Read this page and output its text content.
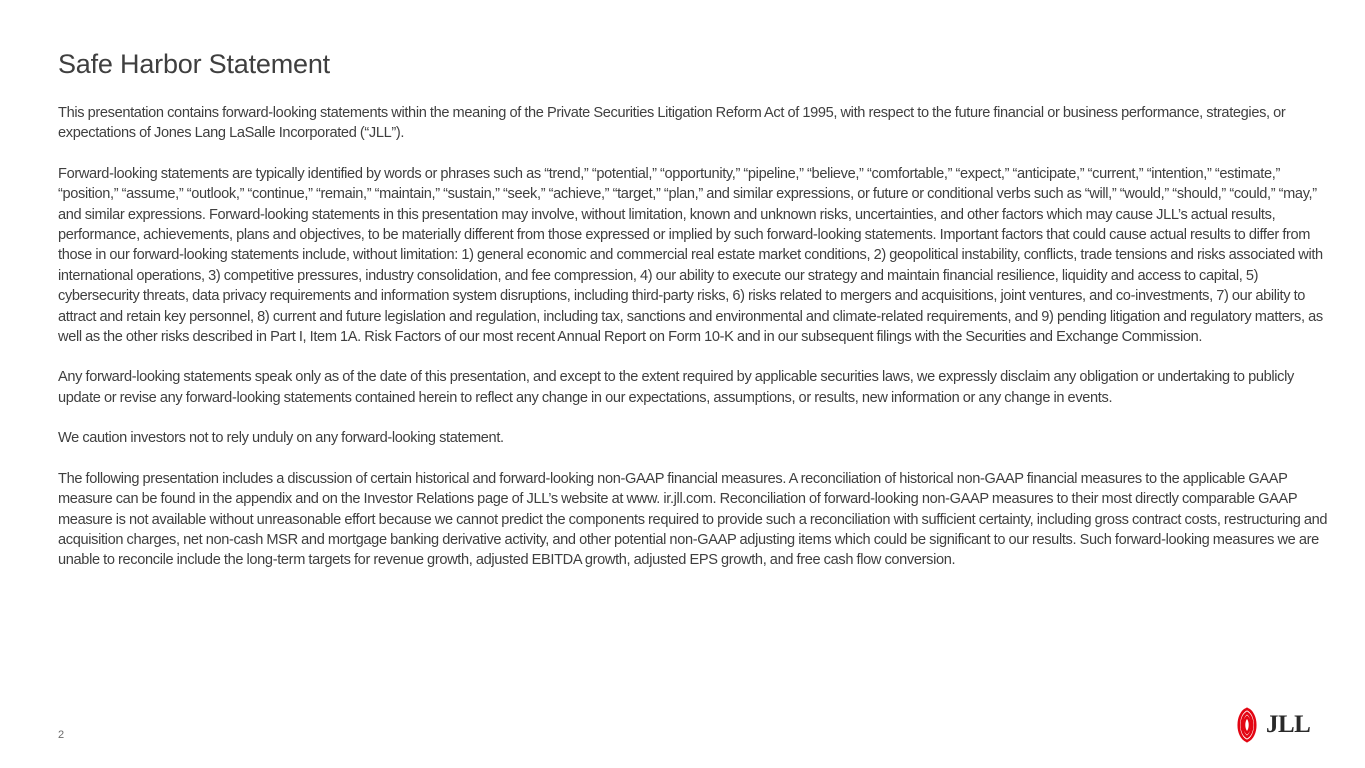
Safe Harbor Statement

This presentation contains forward-looking statements within the meaning of the Private Securities Litigation Reform Act of 1995, with respect to the future financial or business performance, strategies, or expectations of Jones Lang LaSalle Incorporated (“JLL”).

Forward-looking statements are typically identified by words or phrases such as “trend,” “potential,” “opportunity,” “pipeline,” “believe,” “comfortable,” “expect,” “anticipate,” “current,” “intention,” “estimate,” “position,” “assume,” “outlook,” “continue,” “remain,” “maintain,” “sustain,” “seek,” “achieve,” “target,” “plan,” and similar expressions, or future or conditional verbs such as “will,” “would,” “should,” “could,” “may,” and similar expressions. Forward-looking statements in this presentation may involve, without limitation, known and unknown risks, uncertainties, and other factors which may cause JLL’s actual results, performance, achievements, plans and objectives, to be materially different from those expressed or implied by such forward-looking statements. Important factors that could cause actual results to differ from those in our forward-looking statements include, without limitation: 1) general economic and commercial real estate market conditions, 2) geopolitical instability, conflicts, trade tensions and risks associated with international operations, 3) competitive pressures, industry consolidation, and fee compression, 4) our ability to execute our strategy and maintain financial resilience, liquidity and access to capital, 5) cybersecurity threats, data privacy requirements and information system disruptions, including third-party risks, 6) risks related to mergers and acquisitions, joint ventures, and co-investments, 7) our ability to attract and retain key personnel, 8) current and future legislation and regulation, including tax, sanctions and environmental and climate-related requirements, and 9) pending litigation and regulatory matters, as well as the other risks described in Part I, Item 1A. Risk Factors of our most recent Annual Report on Form 10-K and in our subsequent filings with the Securities and Exchange Commission.

Any forward-looking statements speak only as of the date of this presentation, and except to the extent required by applicable securities laws, we expressly disclaim any obligation or undertaking to publicly update or revise any forward-looking statements contained herein to reflect any change in our expectations, assumptions, or results, new information or any change in events.

We caution investors not to rely unduly on any forward-looking statement.

The following presentation includes a discussion of certain historical and forward-looking non-GAAP financial measures. A reconciliation of historical non-GAAP financial measures to the applicable GAAP measure can be found in the appendix and on the Investor Relations page of JLL’s website at www. ir.jll.com. Reconciliation of forward-looking non-GAAP measures to their most directly comparable GAAP measure is not available without unreasonable effort because we cannot predict the components required to provide such a reconciliation with sufficient certainty, including gross contract costs, restructuring and acquisition charges, net non-cash MSR and mortgage banking derivative activity, and other potential non-GAAP adjusting items which could be significant to our results. Such forward-looking measures we are unable to reconcile include the long-term targets for revenue growth, adjusted EBITDA growth, adjusted EPS growth, and free cash flow conversion.

2	JLL
